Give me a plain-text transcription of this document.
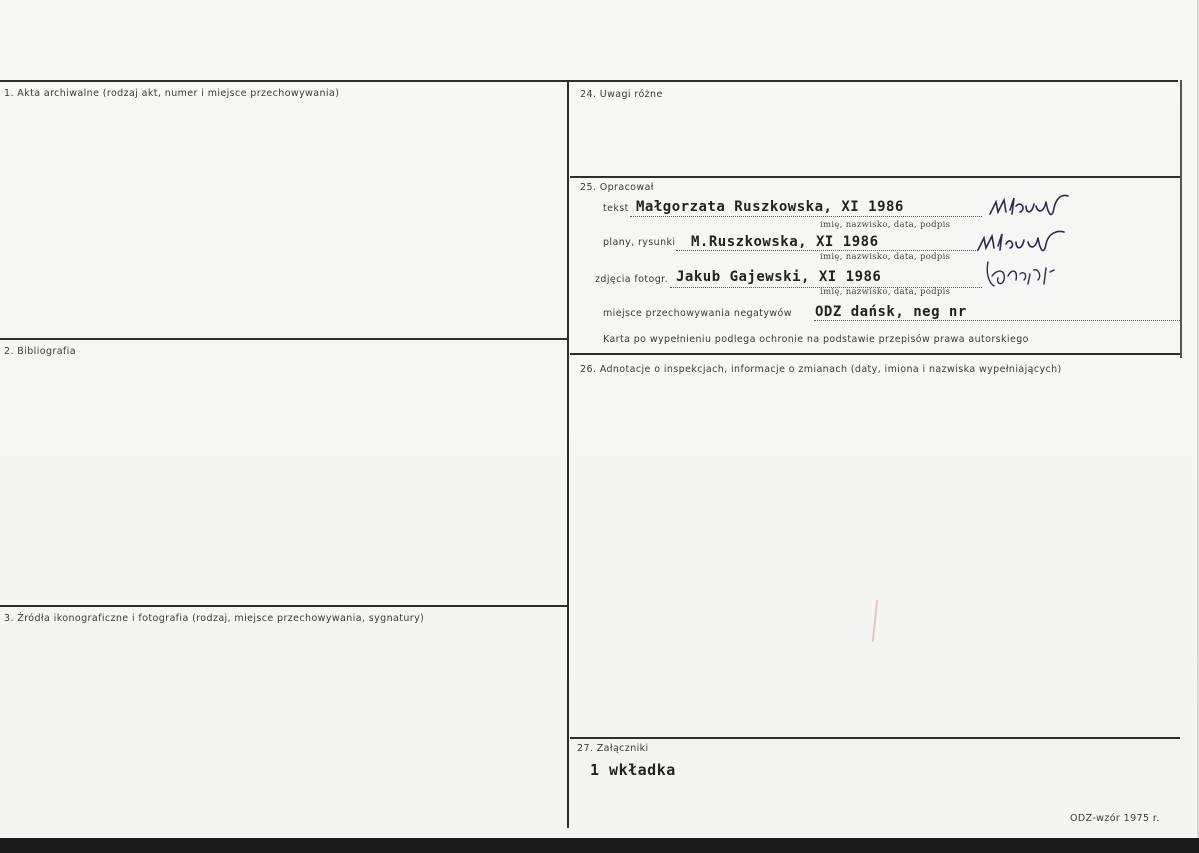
1. Akta archiwalne (rodzaj akt, numer i miejsce przechowywania)
2. Bibliografia
3. Źródła ikonograficzne i fotografia (rodzaj, miejsce przechowywania, sygnatury)
24. Uwagi różne
25. Opracował
26. Adnotacje o inspekcjach, informacje o zmianach (daty, imiona i nazwiska wypełniających)
27. Załączniki
tekst Małgorzata Ruszkowska, XI 1986
imię, nazwisko, data, podpis
plany, rysunki M.Ruszkowska, XI 1986
imię, nazwisko, data, podpis
zdjęcia fotogr. Jakub Gajewski, XI 1986
imię, nazwisko, data, podpis
miejsce przechowywania negatywów ODZ dańsk, neg nr
Karta po wypełnieniu podlega ochronie na podstawie przepisów prawa autorskiego
1 wkładka
ODZ-wzór 1975 r.
